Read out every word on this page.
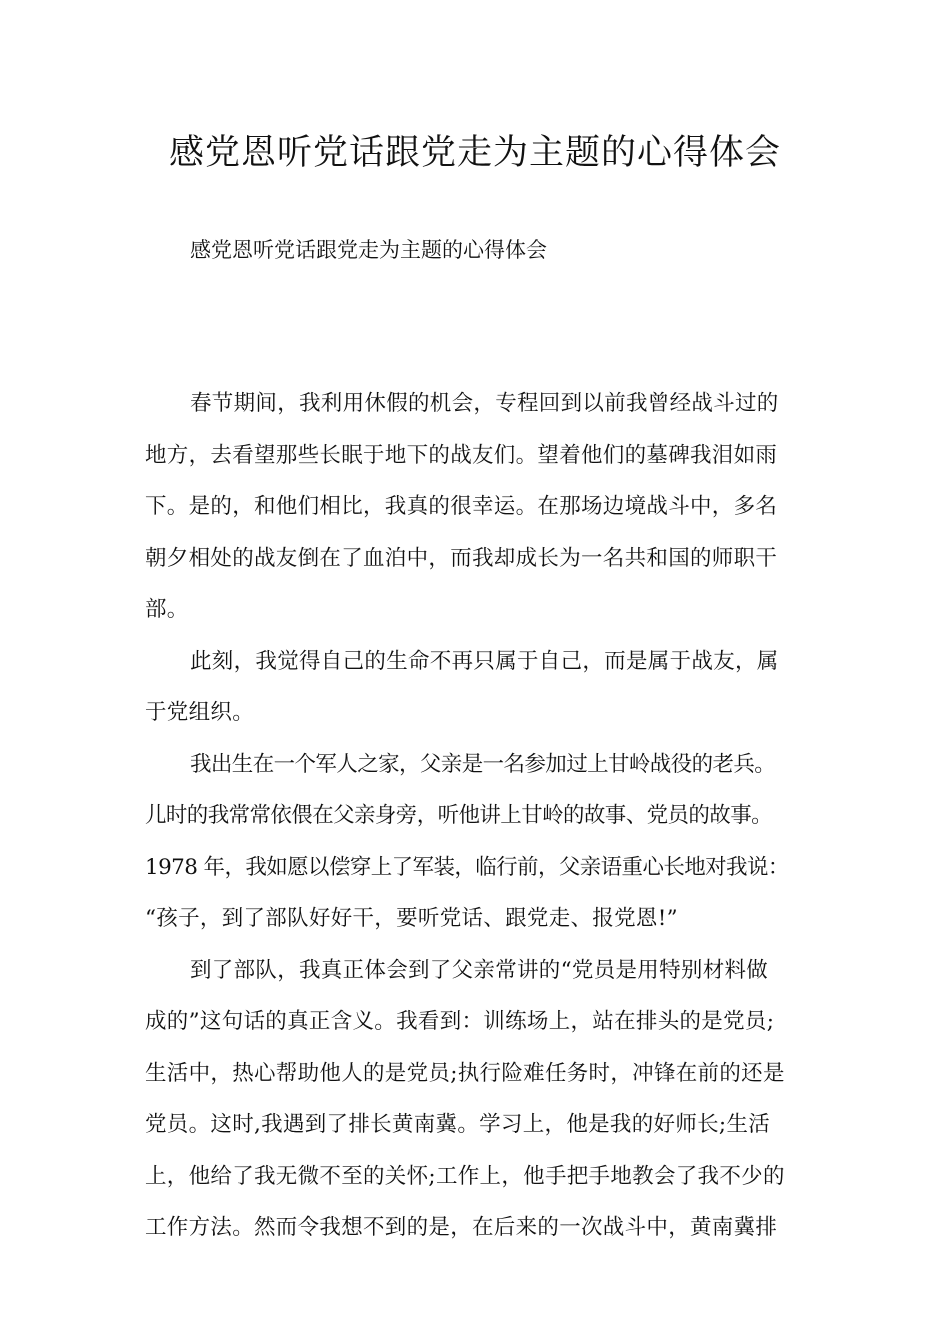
感党恩听党话跟党走为主题的心得体会

感党恩听党话跟党走为主题的心得体会

春节期间，我利用休假的机会，专程回到以前我曾经战斗过的
地方，去看望那些长眠于地下的战友们。望着他们的墓碑我泪如雨
下。是的，和他们相比，我真的很幸运。在那场边境战斗中，多名
朝夕相处的战友倒在了血泊中，而我却成长为一名共和国的师职干
部。
此刻，我觉得自己的生命不再只属于自己，而是属于战友，属
于党组织。
我出生在一个军人之家，父亲是一名参加过上甘岭战役的老兵。
儿时的我常常依偎在父亲身旁，听他讲上甘岭的故事、党员的故事。
1978 年，我如愿以偿穿上了军装，临行前，父亲语重心长地对我说：
“孩子，到了部队好好干，要听党话、跟党走、报党恩!”
到了部队，我真正体会到了父亲常讲的“党员是用特别材料做
成的”这句话的真正含义。我看到：训练场上，站在排头的是党员;
生活中，热心帮助他人的是党员;执行险难任务时，冲锋在前的还是
党员。这时,我遇到了排长黄南冀。学习上，他是我的好师长;生活
上，他给了我无微不至的关怀;工作上，他手把手地教会了我不少的
工作方法。然而令我想不到的是，在后来的一次战斗中，黄南冀排
